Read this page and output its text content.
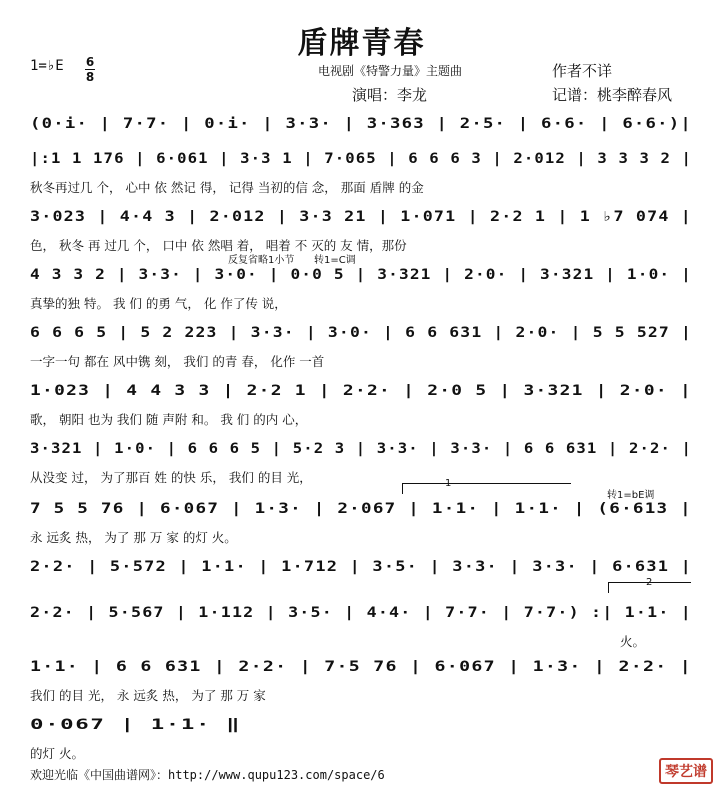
盾牌青春
电视剧《特警力量》主题曲	作者不详
演唱：李龙	记谱：桃李醉春风
1=♭E 6
8
(0·i· | 7·7· | 0·i· | 3·3· | 3·363 | 2·5· | 6·6· | 6·6·)|
|:1 1 176 | 6·061 | 3·3 1 | 7·065 | 6 6 6 3 | 2·012 | 3 3 3 2 |
秋冬再过几 个， 心中 依 然记 得， 记得 当初的信 念， 那面 盾牌 的金
3·023 | 4·4 3 | 2·012 | 3·3 21 | 1·071 | 2·2 1 | 1 ♭7 074 |
色， 秋冬 再 过几 个， 口中 依 然唱 着， 唱着 不 灭的 友 情，那份
4 3 3 2 | 3·3· | 3·0· | 0·0 5 | 3·321 | 2·0· | 3·321 | 1·0· |
真挚的独 特。 我 们 的勇 气， 化 作了传 说，
6 6 6 5 | 5 2 223 | 3·3· | 3·0· | 6 6 631 | 2·0· | 5 5 527 |
一字一句 都在 风中镌 刻， 我们 的青 春， 化作 一首
1·023 | 4 4 3 3 | 2·2 1 | 2·2· | 2·0 5 | 3·321 | 2·0· |
歌， 朝阳 也为 我们 随 声附 和。 我 们 的内 心，
3·321 | 1·0· | 6 6 6 5 | 5·2 3 | 3·3· | 3·3· | 6 6 631 | 2·2· |
从没变 过， 为了那百 姓 的快 乐， 我们 的目 光，
7 5 5 76 | 6·067 | 1·3· | 2·067 | 1·1· | 1·1· | (6·613 |
永 远炙 热， 为了 那 万 家 的灯 火。
2·2· | 5·572 | 1·1· | 1·712 | 3·5· | 3·3· | 3·3· | 6·631 |
2·2· | 5·567 | 1·112 | 3·5· | 4·4· | 7·7· | 7·7·) :| 1·1· |
火。
1·1· | 6 6 631 | 2·2· | 7·5 76 | 6·067 | 1·3· | 2·2· |
我们 的目 光， 永 远炙 热， 为了 那 万 家
0·067 | 1·1· ‖
的灯 火。
反复省略1小节 转1=C调
转1=bE调
1
2
欢迎光临《中国曲谱网》：http://www.qupu123.com/space/6	琴艺谱
